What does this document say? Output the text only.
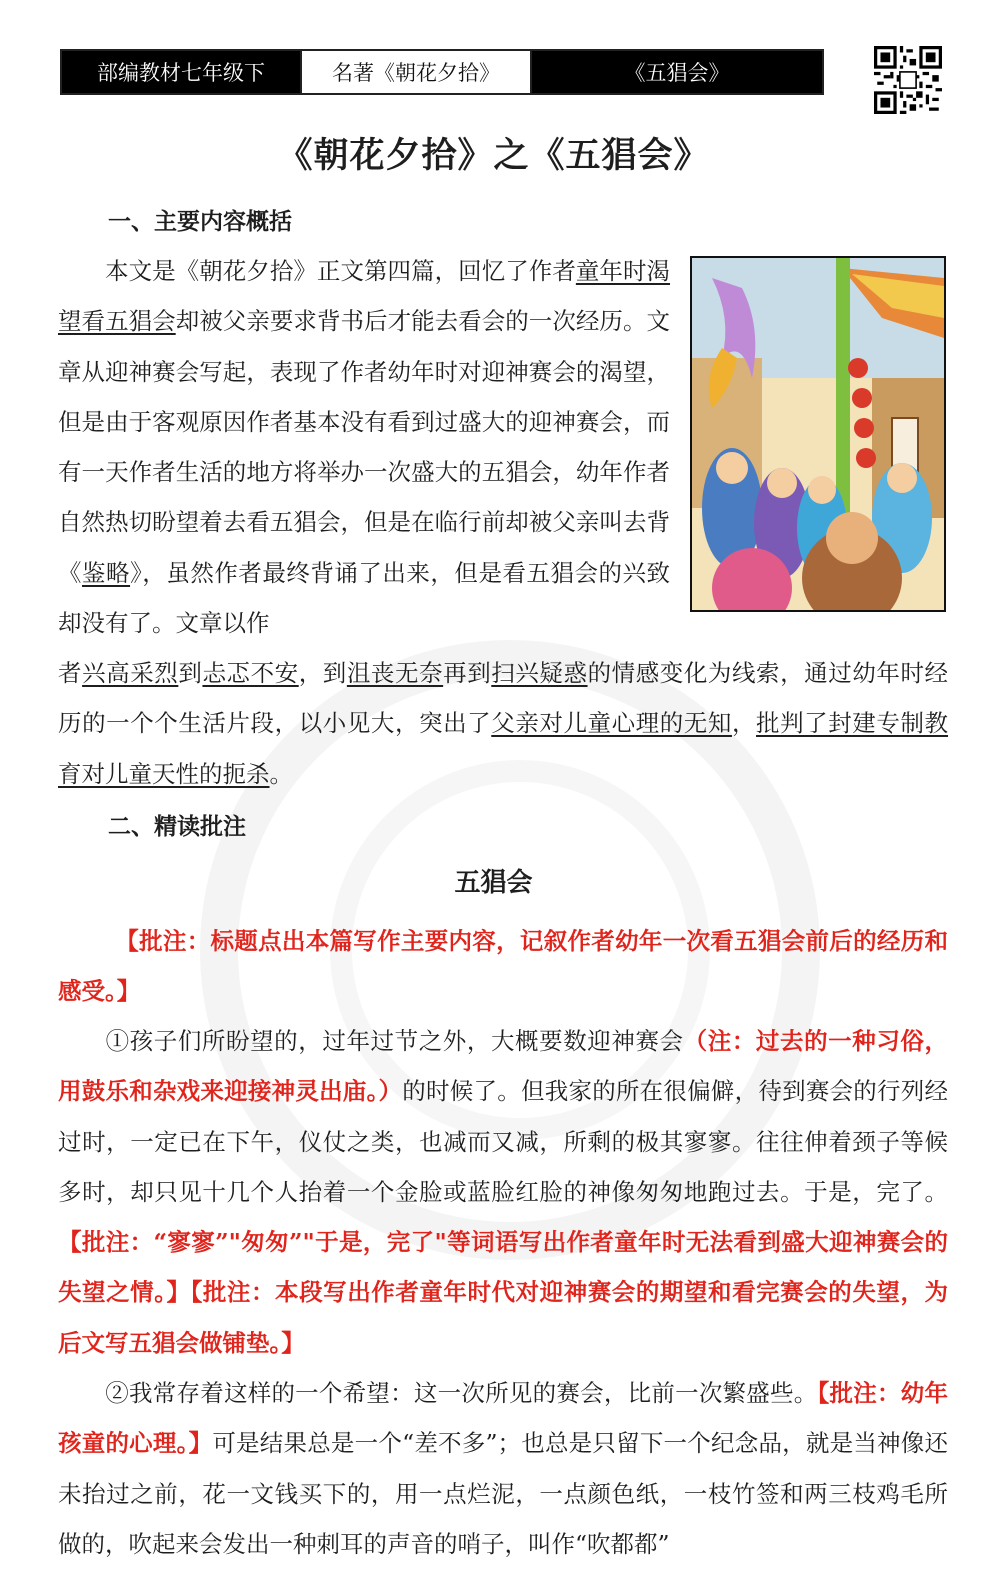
部编教材七年级下	名著《朝花夕拾》	《五猖会》
《朝花夕拾》之《五猖会》
一、主要内容概括

本文是《朝花夕拾》正文第四篇，回忆了作者童年时渴望看五猖会却被父亲要求背书后才能去看会的一次经历。文章从迎神赛会写起，表现了作者幼年时对迎神赛会的渴望，但是由于客观原因作者基本没有看到过盛大的迎神赛会，而有一天作者生活的地方将举办一次盛大的五猖会，幼年作者自然热切盼望着去看五猖会，但是在临行前却被父亲叫去背《鉴略》，虽然作者最终背诵了出来，但是看五猖会的兴致却没有了。文章以作

者兴高采烈到忐忑不安，到沮丧无奈再到扫兴疑惑的情感变化为线索，通过幼年时经历的一个个生活片段，以小见大，突出了父亲对儿童心理的无知，批判了封建专制教育对儿童天性的扼杀。

二、精读批注
五猖会

【批注：标题点出本篇写作主要内容，记叙作者幼年一次看五猖会前后的经历和感受。】

①孩子们所盼望的，过年过节之外，大概要数迎神赛会（注：过去的一种习俗，用鼓乐和杂戏来迎接神灵出庙。）的时候了。但我家的所在很偏僻，待到赛会的行列经过时，一定已在下午，仪仗之类，也减而又减，所剩的极其寥寥。往往伸着颈子等候多时，却只见十几个人抬着一个金脸或蓝脸红脸的神像匆匆地跑过去。于是，完了。【批注：“寥寥”"匆匆”"于是，完了"等词语写出作者童年时无法看到盛大迎神赛会的失望之情。】【批注：本段写出作者童年时代对迎神赛会的期望和看完赛会的失望，为后文写五猖会做铺垫。】

②我常存着这样的一个希望：这一次所见的赛会，比前一次繁盛些。【批注：幼年孩童的心理。】可是结果总是一个“差不多”；也总是只留下一个纪念品，就是当神像还未抬过之前，花一文钱买下的，用一点烂泥，一点颜色纸，一枝竹签和两三枝鸡毛所做的，吹起来会发出一种刺耳的声音的哨子，叫作“吹都都”
